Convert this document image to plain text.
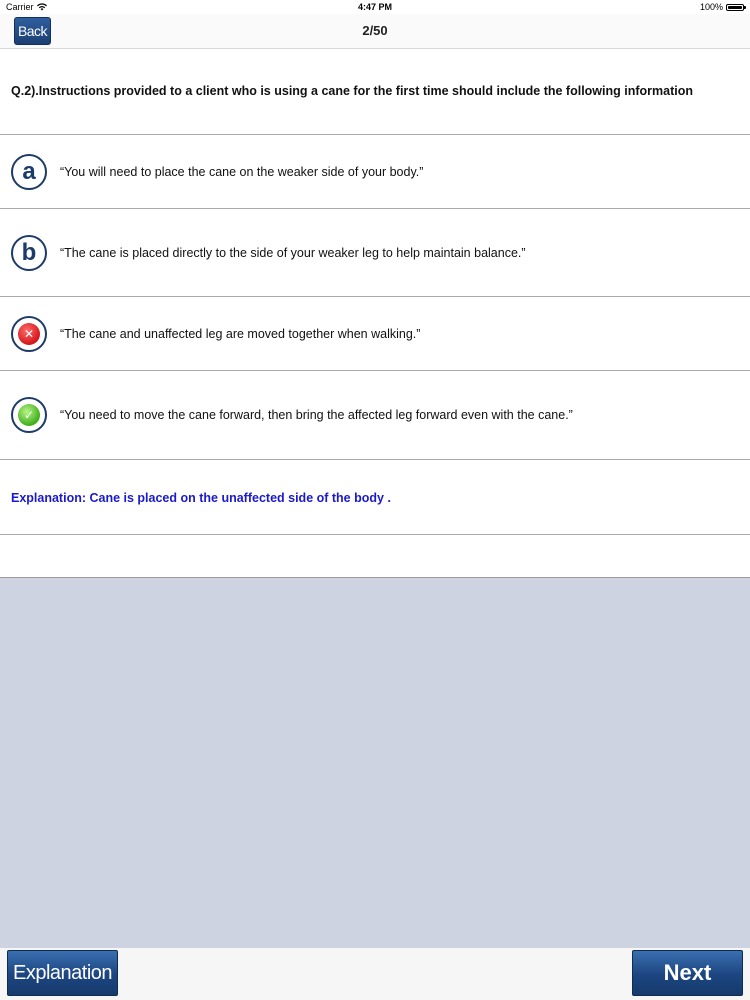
Carrier	4:47 PM	100%
2/50
Back
Q.2).Instructions provided to a client who is using a cane for the first time should include the following information
a	“You will need to place the cane on the weaker side of your body.”
b	“The cane is placed directly to the side of your weaker leg to help maintain balance.”
✕	“The cane and unaffected leg are moved together when walking.”
✓	“You need to move the cane forward, then bring the affected leg forward even with the cane.”
Explanation: Cane is placed on the unaffected side of the body .
Explanation	Next
